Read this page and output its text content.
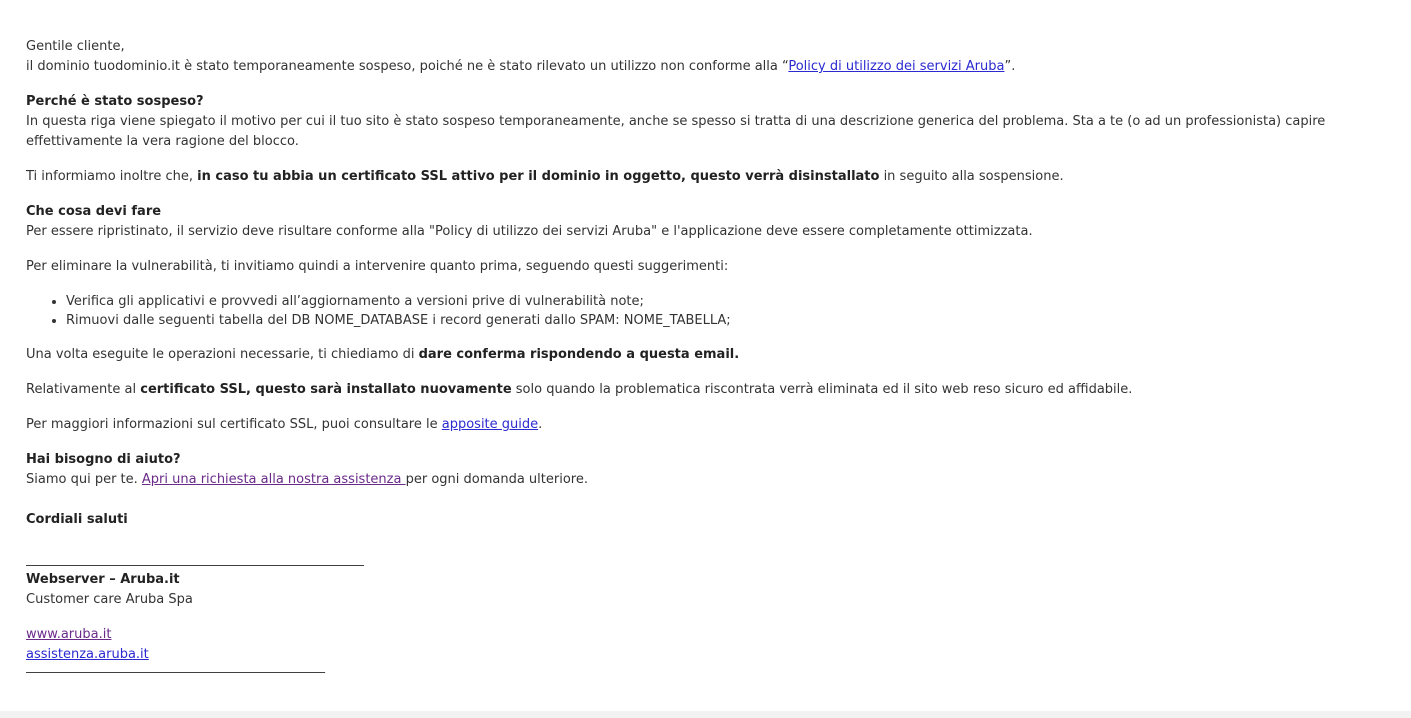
Gentile cliente,
il dominio tuodominio.it è stato temporaneamente sospeso, poiché ne è stato rilevato un utilizzo non conforme alla “Policy di utilizzo dei servizi Aruba”.

Perché è stato sospeso?
In questa riga viene spiegato il motivo per cui il tuo sito è stato sospeso temporaneamente, anche se spesso si tratta di una descrizione generica del problema. Sta a te (o ad un professionista) capire effettivamente la vera ragione del blocco.

Ti informiamo inoltre che, in caso tu abbia un certificato SSL attivo per il dominio in oggetto, questo verrà disinstallato in seguito alla sospensione.

Che cosa devi fare
Per essere ripristinato, il servizio deve risultare conforme alla "Policy di utilizzo dei servizi Aruba" e l'applicazione deve essere completamente ottimizzata.

Per eliminare la vulnerabilità, ti invitiamo quindi a intervenire quanto prima, seguendo questi suggerimenti:

• Verifica gli applicativi e provvedi all’aggiornamento a versioni prive di vulnerabilità note;
• Rimuovi dalle seguenti tabella del DB NOME_DATABASE i record generati dallo SPAM: NOME_TABELLA;

Una volta eseguite le operazioni necessarie, ti chiediamo di dare conferma rispondendo a questa email.

Relativamente al certificato SSL, questo sarà installato nuovamente solo quando la problematica riscontrata verrà eliminata ed il sito web reso sicuro ed affidabile.

Per maggiori informazioni sul certificato SSL, puoi consultare le apposite guide.

Hai bisogno di aiuto?
Siamo qui per te. Apri una richiesta alla nostra assistenza per ogni domanda ulteriore.

Cordiali saluti

____________________________________________________
Webserver – Aruba.it
Customer care Aruba Spa
www.aruba.it
assistenza.aruba.it
______________________________________________
